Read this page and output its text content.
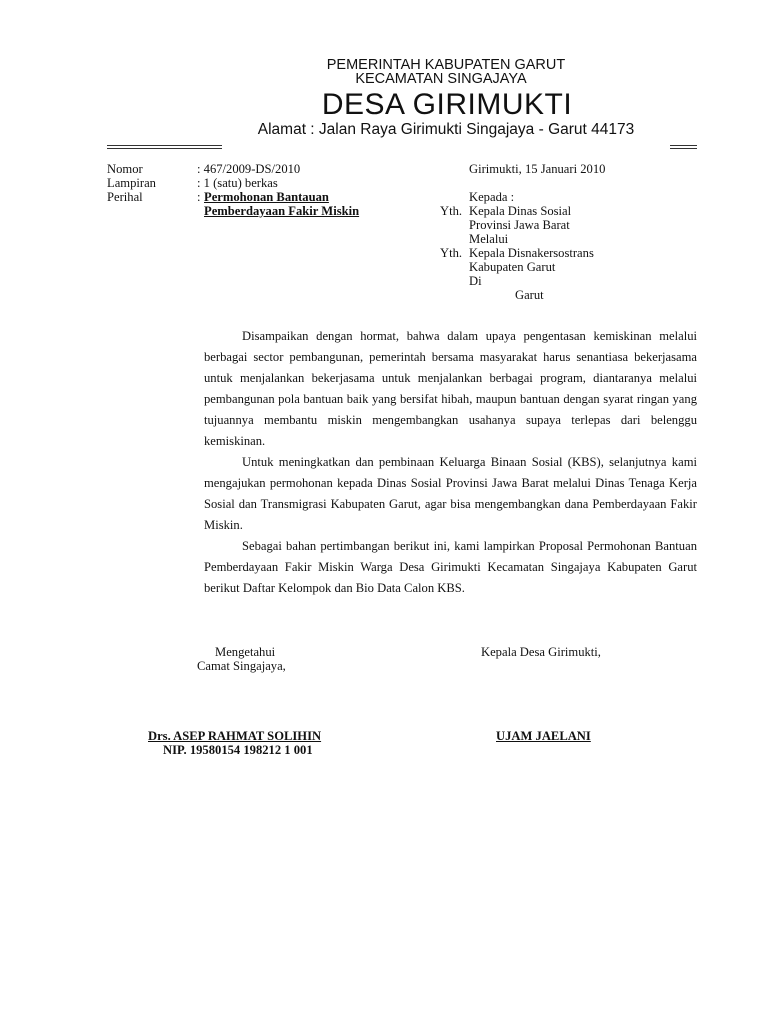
PEMERINTAH KABUPATEN GARUT
KECAMATAN SINGAJAYA
DESA GIRIMUKTI
Alamat : Jalan Raya Girimukti Singajaya - Garut 44173
Nomor	: 467/2009-DS/2010
Lampiran	: 1 (satu) berkas
Perihal	: Permohonan Bantauan
Pemberdayaan Fakir Miskin
Girimukti, 15 Januari 2010
Kepada :
Yth. Kepala Dinas Sosial
Provinsi Jawa Barat
Melalui
Yth. Kepala Disnakersostrans
Kabupaten Garut
Di
Garut

Disampaikan dengan hormat, bahwa dalam upaya pengentasan kemiskinan melalui berbagai sector pembangunan, pemerintah bersama masyarakat harus senantiasa bekerjasama untuk menjalankan bekerjasama untuk menjalankan berbagai program, diantaranya melalui pembangunan pola bantuan baik yang bersifat hibah, maupun bantuan dengan syarat ringan yang tujuannya membantu miskin mengembangkan usahanya supaya terlepas dari belenggu kemiskinan.

Untuk meningkatkan dan pembinaan Keluarga Binaan Sosial (KBS), selanjutnya kami mengajukan permohonan kepada Dinas Sosial Provinsi Jawa Barat melalui Dinas Tenaga Kerja Sosial dan Transmigrasi Kabupaten Garut, agar bisa mengembangkan dana Pemberdayaan Fakir Miskin.

Sebagai bahan pertimbangan berikut ini, kami lampirkan Proposal Permohonan Bantuan Pemberdayaan Fakir Miskin Warga Desa Girimukti Kecamatan Singajaya Kabupaten Garut berikut Daftar Kelompok dan Bio Data Calon KBS.

Mengetahui
Camat Singajaya,
Kepala Desa Girimukti,
Drs. ASEP RAHMAT SOLIHIN
NIP. 19580154 198212 1 001
UJAM JAELANI
